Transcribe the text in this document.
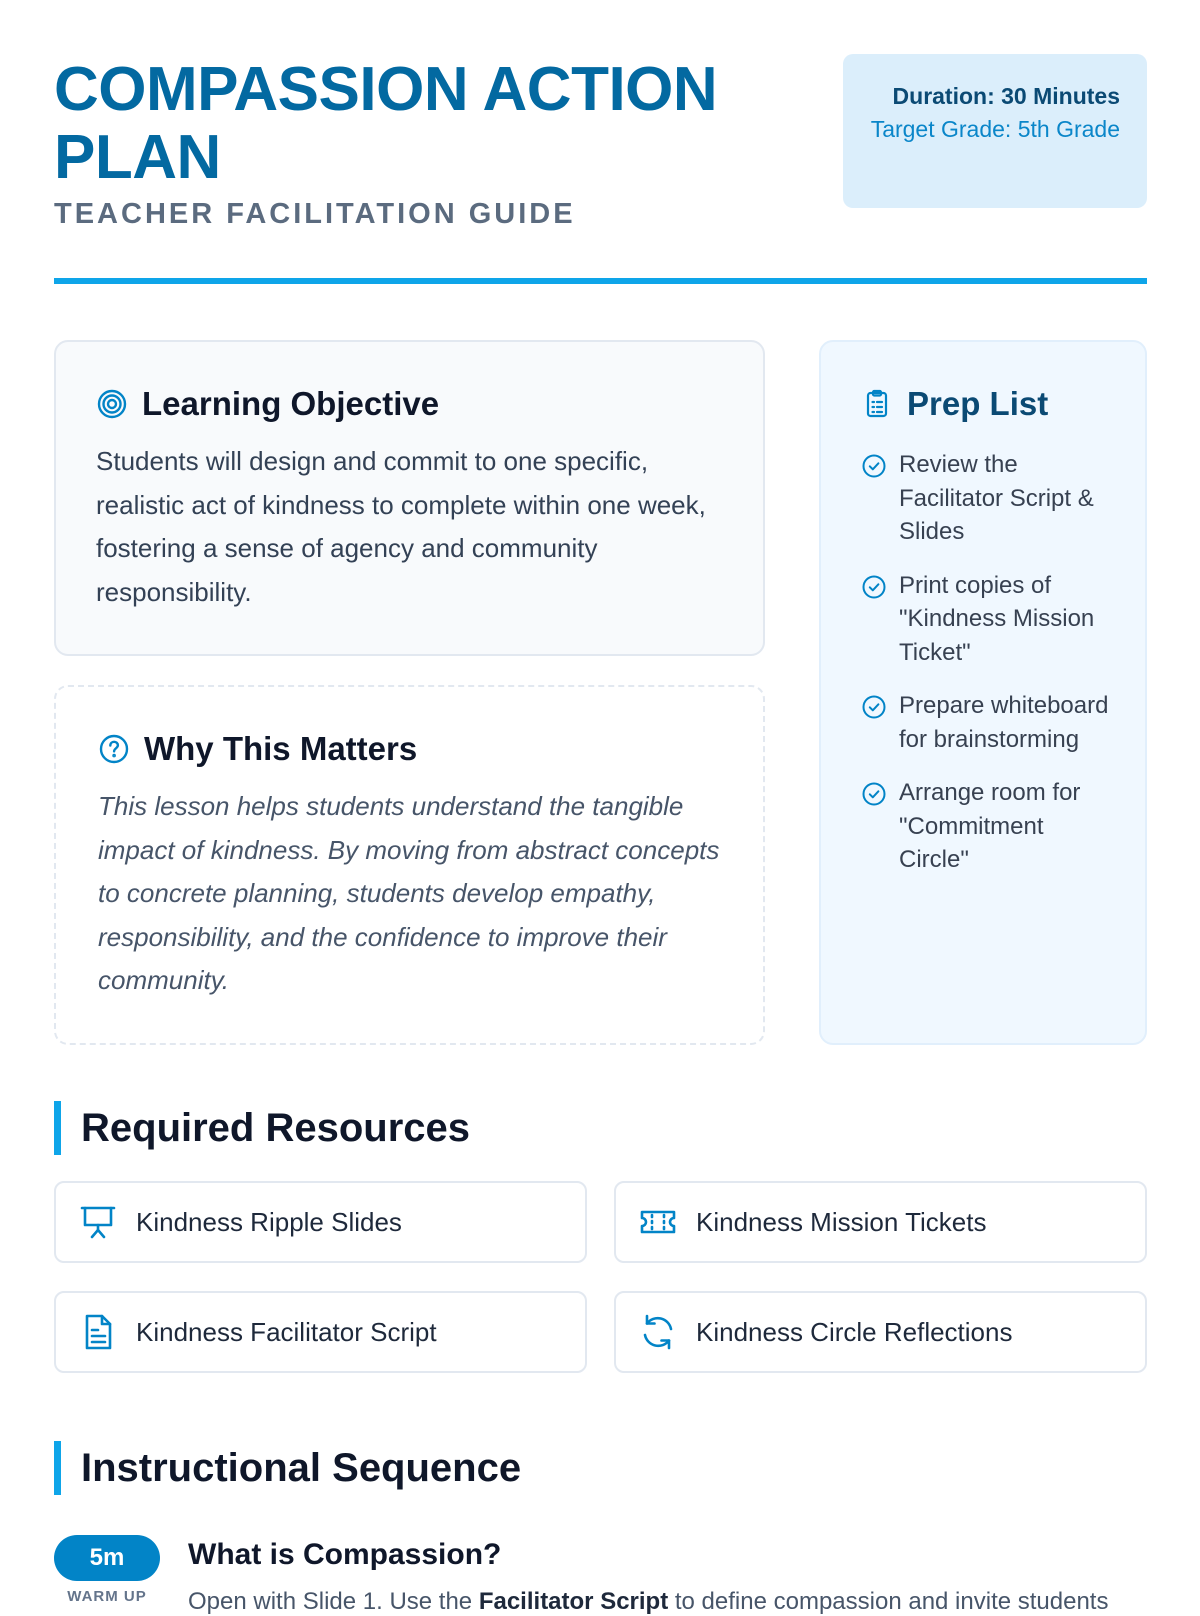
COMPASSION ACTION PLAN
TEACHER FACILITATION GUIDE
Duration: 30 Minutes
Target Grade: 5th Grade
Learning Objective

Students will design and commit to one specific, realistic act of kindness to complete within one week, fostering a sense of agency and community responsibility.

Why This Matters

This lesson helps students understand the tangible impact of kindness. By moving from abstract concepts to concrete planning, students develop empathy, responsibility, and the confidence to improve their community.

Prep List
Review the Facilitator Script & Slides
Print copies of "Kindness Mission Ticket"
Prepare whiteboard for brainstorming
Arrange room for "Commitment Circle"
Required Resources
Kindness Ripple Slides	Kindness Mission Tickets
Kindness Facilitator Script	Kindness Circle Reflections
Instructional Sequence
5m
WARM UP
What is Compassion?
Open with Slide 1. Use the Facilitator Script to define compassion and invite students
